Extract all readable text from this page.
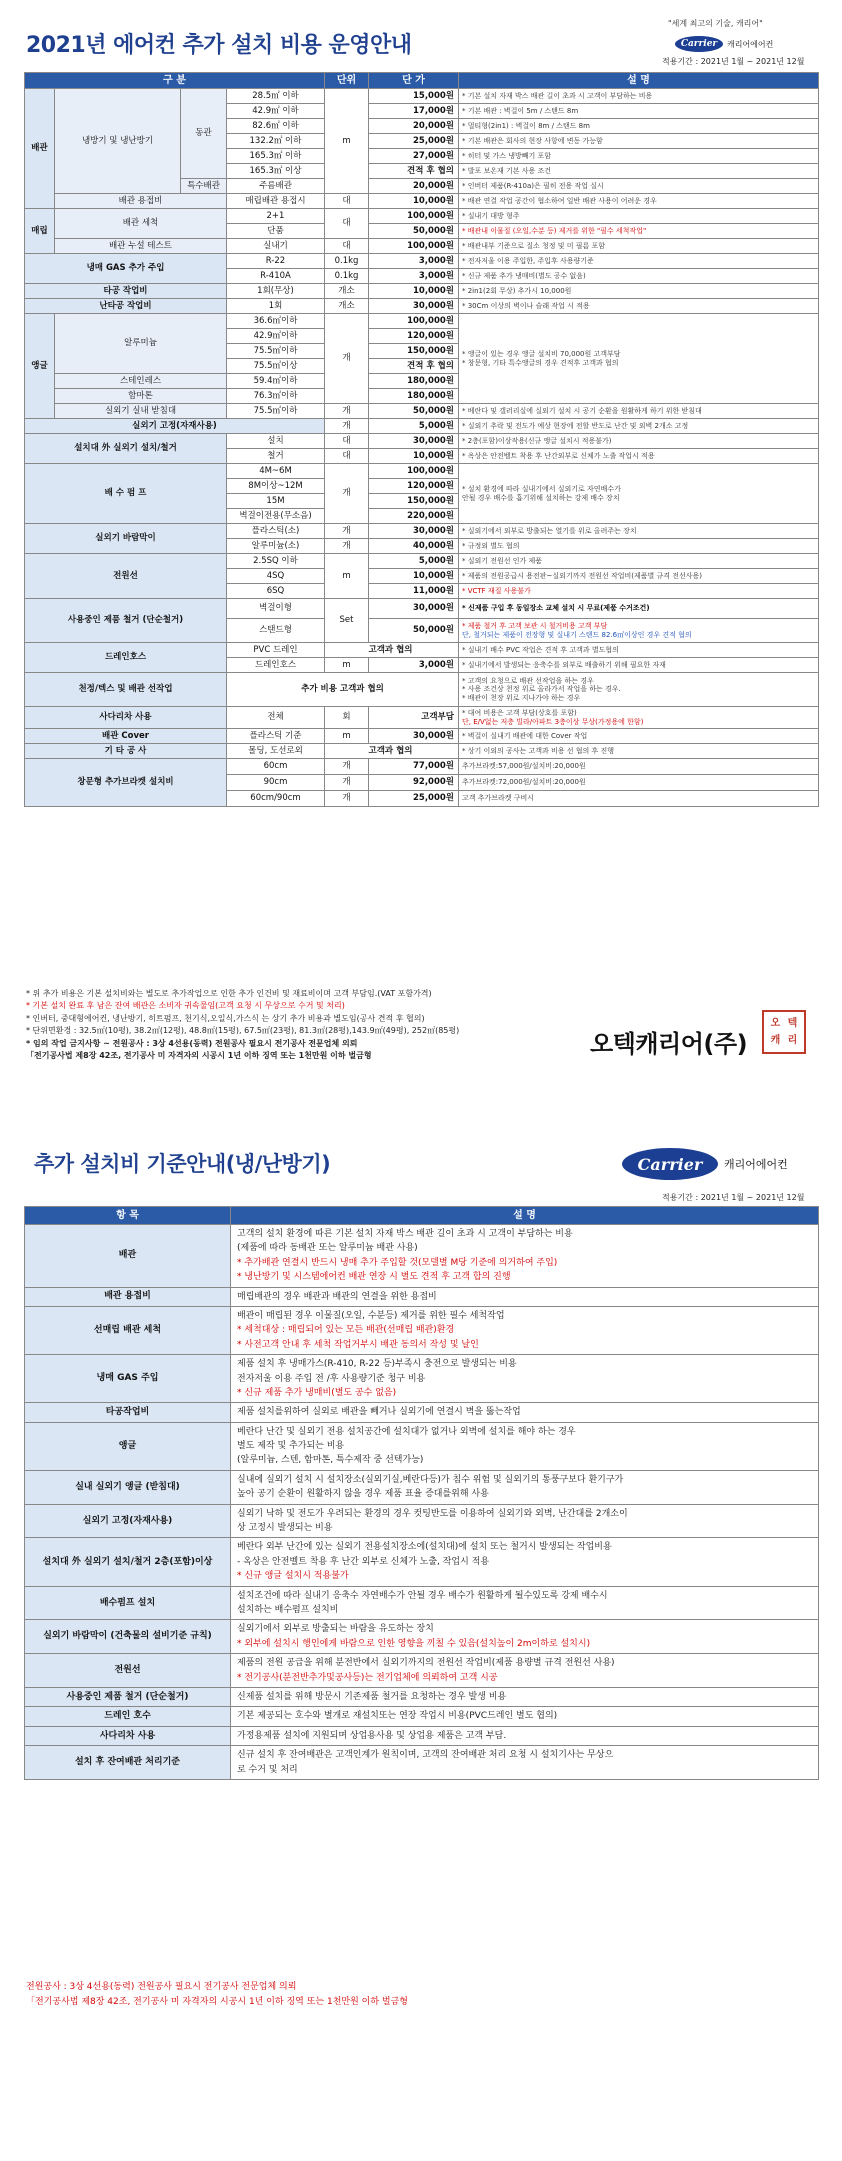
2021년 에어컨 추가 설치 비용 운영안내
"세계 최고의 기술, 캐리어"
Carrier	캐리어에어컨
적용기간 : 2021년 1월 ~ 2021년 12월
구 분				단위	단 가	설 명
배관	냉방기 및 냉난방기	동관	28.5㎡ 이하	m	15,000원	* 기본 설치 자재 박스 배관 길이 초과 시 고객이 부담하는 비용
			42.9㎡ 이하		17,000원	* 기본 배관 : 벽걸이 5m / 스탠드 8m
			82.6㎡ 이하		20,000원	* 멀티형(2in1) : 벽걸이 8m / 스탠드 8m
			132.2㎡ 이하		25,000원	* 기본 배관은 회사의 현장 사항에 변동 가능함
			165.3㎡ 이하		27,000원	* 히터 및 가스 냉방빼기 포함
			165.3㎡ 이상		견적 후 협의	* 발포 보온재 기본 사용 조건
		특수배관	주름배관		20,000원	* 인버터 제품(R-410a)은 필히 전용 작업 실시
	배관 용접비		매립배관 용접시	대	10,000원	* 배관 연결 작업 공간이 협소하여 일반 배관 사용이 어려운 경우
매립	배관 세척		2+1	대	100,000원	* 실내기 대방 형주
			단품		50,000원	* 배관내 이물질 (오일,수분 등) 제거를 위한 "필수 세척작업"
	배관 누설 테스트		실내기	대	100,000원	* 배관내부 기준으로 질소 청정 및 미 필름 포함
냉매 GAS 추가 주입			R-22	0.1kg	3,000원	* 전자저울 이용 주입한, 주입후 사용량기준
			R-410A	0.1kg	3,000원	* 신규 제품 추가 냉매비(별도 공수 없음)
타공 작업비			1회(무상)	개소	10,000원	* 2in1(2회 무상) 추가시 10,000원
난타공 작업비			1회	개소	30,000원	* 30Cm 이상의 벽이나 슬래 작업 시 적용
앵글	알루미늄		36.6㎡이하	개	100,000원	* 앵글이 있는 경우 앵글 설치비 70,000원 고객부담
* 창문형, 기타 특수앵글의 경우 견적후 고객과 협의
			42.9㎡이하		120,000원	
			75.5㎡이하		150,000원	
			75.5㎡이상		견적 후 협의	
	스테인레스		59.4㎡이하		180,000원	
	함마톤		76.3㎡이하		180,000원	
	실외기 실내 받침대		75.5㎡이하	개	50,000원	* 베란다 및 갤러리실에 실외기 설치 시 공기 순환을 원활하게 하기 위한 받침대
실외기 고정(자재사용)				개	5,000원	* 실외기 추락 및 전도가 예상 현장에 전할 반도로 난간 및 외벽 2개소 고정
설치대 外 실외기 설치/철거			설치	대	30,000원	* 2층(포함)이상작용(신규 앵글 설치시 적용불가)
			철거	대	10,000원	* 옥상은 안전벨트 착용 후 난간외부로 신체가 노출 작업시 적용
배 수 펌 프			4M~6M	개	100,000원	* 설치 환경에 따라 실내기에서 실외기로 자연배수가
안될 경우 배수를 흡기위해 설치하는 강제 배수 장치
			8M이상~12M		120,000원	
			15M		150,000원	
			벽걸이전용(무소음)		220,000원	
실외기 바람막이			플라스틱(소)	개	30,000원	* 실외기에서 외부로 방출되는 열기를 위로 올려주는 장치
			알루미늄(소)	개	40,000원	* 규정외 별도 협의
전원선			2.5SQ 이하	m	5,000원	* 실외기 전원선 인가 제품
			4SQ		10,000원	* 제품의 전원공급시 용전판~실외기까지 전원선 작업비(제품별 규격 전선사용)
			6SQ		11,000원	* VCTF 재질 사용불가
사용중인 제품 철거 (단순철거)			벽걸이형	Set	30,000원	* 신제품 구입 후 동일장소 교체 설치 시 무료(제품 수거조건)
			스탠드형		50,000원	* 제품 철거 후 고객 보관 시 철거비용 고객 부담
단, 철거되는 제품이 전장형 및 실내기 스탠드 82.6㎡이상인 경우 견적 협의
드레인호스			PVC 드레인	고객과 협의		* 실내기 배수 PVC 작업은 견적 후 고객과 별도협의
			드레인호스	m	3,000원	* 실내기에서 발생되는 응축수를 외부로 배출하기 위해 필요한 자재
천정/텍스 및 배관 선작업			추가 비용 고객과 협의			* 고객의 요청으로 배관 선작업을 하는 경우
* 사용 조건상 천정 위로 올라가서 작업을 하는 경우.
* 배관이 천장 위로 지나가야 하는 경우
사다리차 사용			전체	회	고객부담	* 대여 비용은 고객 부담(상호를 포함)
단, E/V없는 저층 빌라/아파트 3층이상 무상(가정용에 한함)
배관 Cover			플라스틱 기준	m	30,000원	* 벽걸이 실내기 배관에 대한 Cover 작업
기 타 공 사			몰딩, 도선로외	고객과 협의		* 상기 이외의 공사는 고객과 비용 선 협의 후 진행
창문형 추가브라켓 설치비			60cm	개	77,000원	추가브라켓:57,000원/설치비:20,000원
			90cm	개	92,000원	추가브라켓:72,000원/설치비:20,000원
			60cm/90cm	개	25,000원	고객 추가브라켓 구비시
* 위 추가 비용은 기본 설치비와는 별도로 추가작업으로 인한 추가 인건비 및 재료비이며 고객 부담임.(VAT 포함가격)
* 기본 설치 완료 후 남은 잔여 배관은 소비자 귀속물임(고객 요청 시 무상으로 수거 및 처리)
* 인버터, 중대형에어컨, 냉난방기, 히트펌프, 천기식,오일식,가스식 는 상기 추가 비용과 별도임(공사 견적 후 협의)
* 단위면환경 : 32.5㎡(10평), 38.2㎡(12평), 48.8㎡(15평), 67.5㎡(23평), 81.3㎡(28평),143.9㎡(49평), 252㎡(85평)
* 임의 작업 금지사항 ~ 전원공사 : 3상 4선용(동력) 전원공사 필요시 전기공사 전문업체 의뢰
「전기공사법 제8장 42조, 전기공사 미 자격자의 시공시 1년 이하 징역 또는 1천만원 이하 벌금형	오텍캐리어(주)
오 텍
캐 리
추가 설치비 기준안내(냉/난방기)	Carrier	캐리어에어컨
적용기간 : 2021년 1월 ~ 2021년 12월
항 목	설 명
배관	고객의 설치 환경에 따른 기본 설치 자재 박스 배관 길이 초과 시 고객이 부담하는 비용
(제품에 따라 동배관 또는 알루미늄 배관 사용)
* 추가배관 연결시 반드시 냉매 추가 주입할 것(모델별 M당 기준에 의거하여 주입)
* 냉난방기 및 시스템에어컨 배관 연장 시 별도 견적 후 고객 합의 진행

배관 용접비	매립배관의 경우 배관과 배관의 연결을 위한 용접비

선매립 배관 세척	배관이 매립된 경우 이물질(오일, 수분등) 제거를 위한 필수 세척작업
* 세척대상 : 매립되어 있는 모든 배관(선매립 배관)환경
* 사전고객 안내 후 세척 작업거부시 배관 동의서 작성 및 날인

냉매 GAS 주입	제품 설치 후 냉매가스(R-410, R-22 등)부족시 충전으로 발생되는 비용
전자저울 이용 주입 전 /후 사용량기준 청구 비용
* 신규 제품 추가 냉매비(별도 공수 없음)

타공작업비	제품 설치를위하여 실외로 배관을 빼거나 실외기에 연결시 벽을 뚫는작업

앵글	베란다 난간 및 실외기 전용 설치공간에 설치대가 없거나 외벽에 설치를 해야 하는 경우
별도 제작 및 추가되는 비용
(알루미늄, 스텐, 함마톤, 특수제작 중 선택가능)

실내 실외기 앵글 (받침대)	실내에 실외기 설치 시 설치장소(실외기실,베란다등)가 침수 위험 및 실외기의 통풍구보다 환기구가
높아 공기 순환이 원활하지 않을 경우 제품 표율 증대를위해 사용

실외기 고정(자재사용)	실외기 낙하 및 전도가 우려되는 환경의 경우 컷팅반도를 이용하여 실외기와 외벽, 난간대를 2개소이
상 고정시 발생되는 비용

설치대 外 실외기 설치/철거 2층(포함)이상	베란다 외부 난간에 있는 실외기 전용설치장소에(설치대)에 설치 또는 철거시 발생되는 작업비용
- 옥상은 안전벨트 착용 후 난간 외부로 신체가 노출, 작업시 적용
* 신규 앵글 설치시 적용불가

배수펌프 설치	설치조건에 따라 실내기 응축수 자연배수가 안될 경우 배수가 원활하게 될수있도록 강제 배수시
설치하는 배수펌프 설치비

실외기 바람막이 (건축물의 설비기준 규칙)	실외기에서 외부로 방출되는 바람을 유도하는 장치
* 외부에 설치시 행인에게 바람으로 인한 영향을 끼칠 수 있음(설치높이 2m이하로 설치시)

전원선	제품의 전원 공급을 위해 분전반에서 실외기까지의 전원선 작업비(제품 용량별 규격 전원선 사용)
* 전기공사(분전반추가및공사등)는 전기업체에 의뢰하여 고객 시공

사용중인 제품 철거 (단순철거)	신제품 설치를 위해 방문시 기존제품 철거를 요청하는 경우 발생 비용

드레인 호수	기본 제공되는 호수와 별개로 재설치또는 연장 작업시 비용(PVC드레인 별도 협의)

사다리차 사용	가정용제품 설치에 지원되며 상업용사용 및 상업용 제품은 고객 부담.

설치 후 잔여배관 처리기준	신규 설치 후 잔여배관은 고객인계가 원칙이며, 고객의 잔여배관 처리 요청 시 설치기사는 무상으
로 수거 및 처리
전원공사 : 3상 4선용(동력) 전원공사 필요시 전기공사 전문업체 의뢰
「전기공사법 제8장 42조, 전기공사 미 자격자의 시공시 1년 이하 징역 또는 1천만원 이하 벌금형
